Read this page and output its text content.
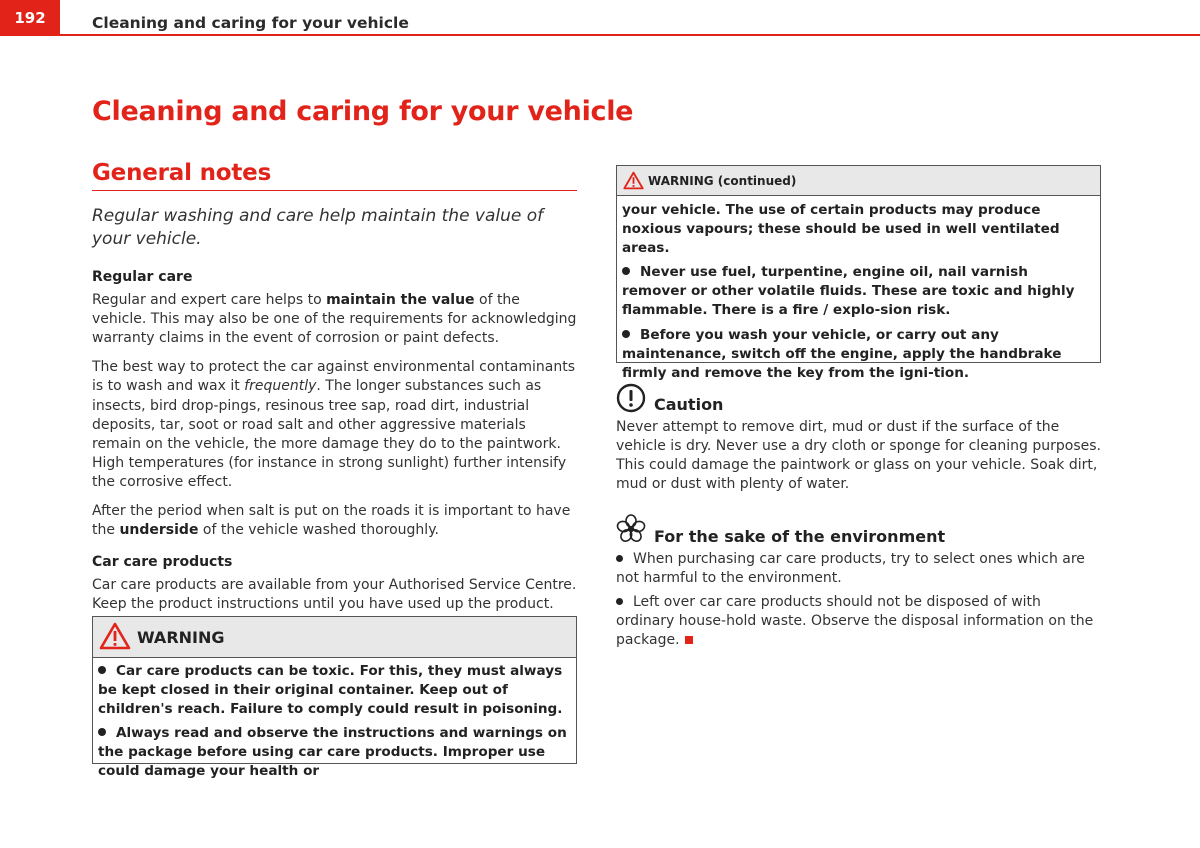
192	Cleaning and caring for your vehicle
Cleaning and caring for your vehicle
General notes
Regular washing and care help maintain the value of your vehicle.
Regular care

Regular and expert care helps to maintain the value of the vehicle. This may also be one of the requirements for acknowledging warranty claims in the event of corrosion or paint defects.

The best way to protect the car against environmental contaminants is to wash and wax it frequently. The longer substances such as insects, bird drop-pings, resinous tree sap, road dirt, industrial deposits, tar, soot or road salt and other aggressive materials remain on the vehicle, the more damage they do to the paintwork. High temperatures (for instance in strong sunlight) further intensify the corrosive effect.

After the period when salt is put on the roads it is important to have the underside of the vehicle washed thoroughly.

Car care products

Car care products are available from your Authorised Service Centre. Keep the product instructions until you have used up the product.

WARNING

Car care products can be toxic. For this, they must always be kept closed in their original container. Keep out of children's reach. Failure to comply could result in poisoning.

Always read and observe the instructions and warnings on the package before using car care products. Improper use could damage your health or

WARNING (continued)

your vehicle. The use of certain products may produce noxious vapours; these should be used in well ventilated areas.

Never use fuel, turpentine, engine oil, nail varnish remover or other volatile fluids. These are toxic and highly flammable. There is a fire / explo-sion risk.

Before you wash your vehicle, or carry out any maintenance, switch off the engine, apply the handbrake firmly and remove the key from the igni-tion.

Caution
Never attempt to remove dirt, mud or dust if the surface of the vehicle is dry. Never use a dry cloth or sponge for cleaning purposes. This could damage the paintwork or glass on your vehicle. Soak dirt, mud or dust with plenty of water.
For the sake of the environment

When purchasing car care products, try to select ones which are not harmful to the environment.

Left over car care products should not be disposed of with ordinary house-hold waste. Observe the disposal information on the package.
